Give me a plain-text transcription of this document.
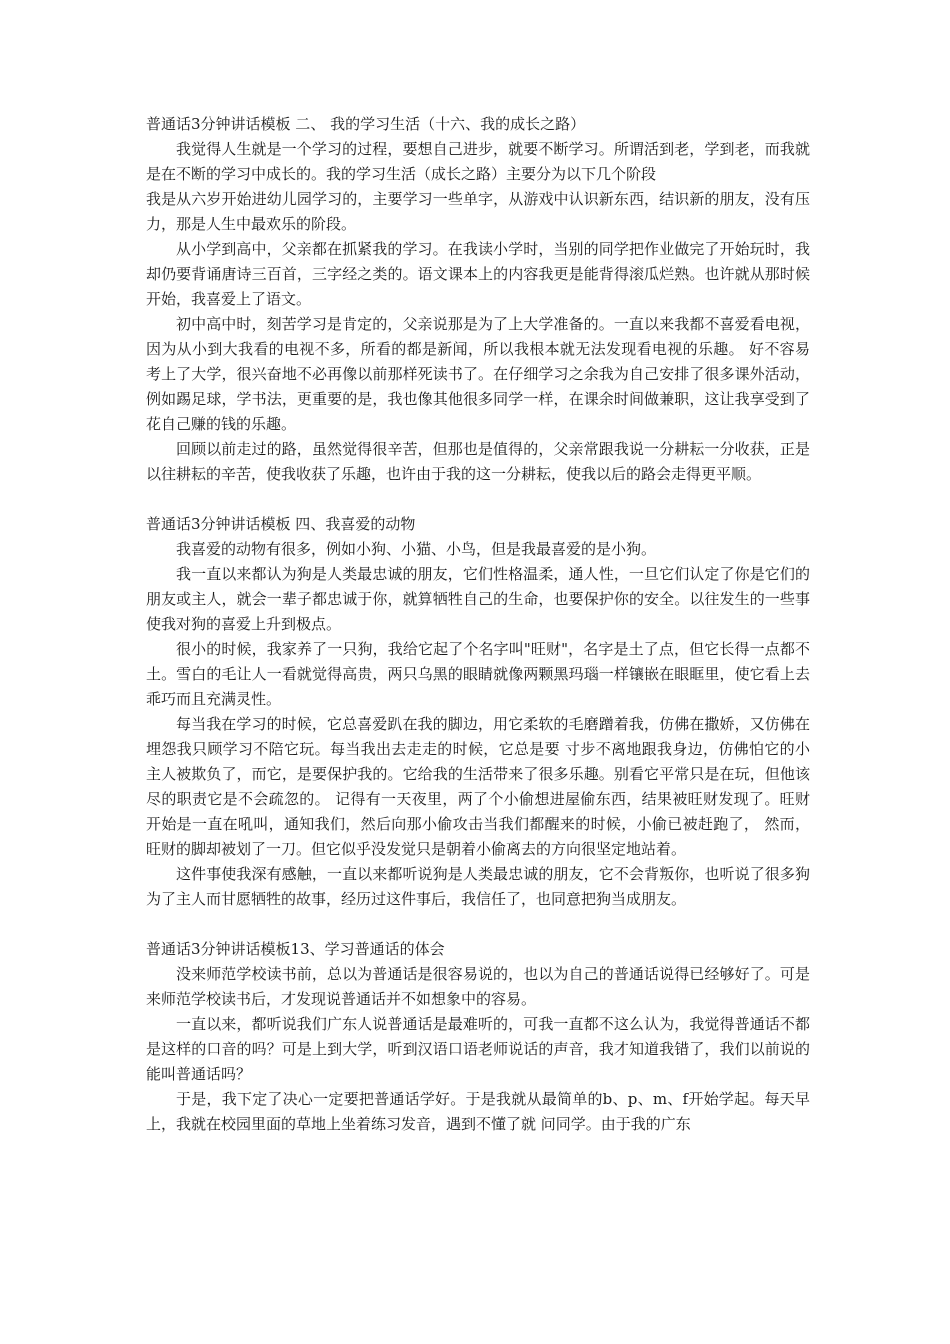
普通话3分钟讲话模板 二、 我的学习生活（十六、我的成长之路）

我觉得人生就是一个学习的过程，要想自己进步，就要不断学习。所谓活到老，学到老，而我就是在不断的学习中成长的。我的学习生活（成长之路）主要分为以下几个阶段

我是从六岁开始进幼儿园学习的，主要学习一些单字，从游戏中认识新东西，结识新的朋友，没有压力，那是人生中最欢乐的阶段。

从小学到高中，父亲都在抓紧我的学习。在我读小学时，当别的同学把作业做完了开始玩时，我却仍要背诵唐诗三百首，三字经之类的。语文课本上的内容我更是能背得滚瓜烂熟。也许就从那时候开始，我喜爱上了语文。

初中高中时，刻苦学习是肯定的，父亲说那是为了上大学准备的。一直以来我都不喜爱看电视，因为从小到大我看的电视不多，所看的都是新闻，所以我根本就无法发现看电视的乐趣。 好不容易考上了大学，很兴奋地不必再像以前那样死读书了。在仔细学习之余我为自己安排了很多课外活动，例如踢足球，学书法，更重要的是，我也像其他很多同学一样，在课余时间做兼职，这让我享受到了花自己赚的钱的乐趣。

回顾以前走过的路，虽然觉得很辛苦，但那也是值得的，父亲常跟我说一分耕耘一分收获，正是以往耕耘的辛苦，使我收获了乐趣，也许由于我的这一分耕耘，使我以后的路会走得更平顺。

普通话3分钟讲话模板 四、我喜爱的动物

我喜爱的动物有很多，例如小狗、小猫、小鸟，但是我最喜爱的是小狗。

我一直以来都认为狗是人类最忠诚的朋友，它们性格温柔，通人性，一旦它们认定了你是它们的朋友或主人，就会一辈子都忠诚于你，就算牺牲自己的生命，也要保护你的安全。以往发生的一些事使我对狗的喜爱上升到极点。

很小的时候，我家养了一只狗，我给它起了个名字叫"旺财"，名字是土了点，但它长得一点都不土。雪白的毛让人一看就觉得高贵，两只乌黑的眼睛就像两颗黑玛瑙一样镶嵌在眼眶里，使它看上去乖巧而且充满灵性。

每当我在学习的时候，它总喜爱趴在我的脚边，用它柔软的毛磨蹭着我，仿佛在撒娇，又仿佛在埋怨我只顾学习不陪它玩。每当我出去走走的时候，它总是要 寸步不离地跟我身边，仿佛怕它的小主人被欺负了，而它，是要保护我的。它给我的生活带来了很多乐趣。别看它平常只是在玩，但他该尽的职责它是不会疏忽的。 记得有一天夜里，两了个小偷想进屋偷东西，结果被旺财发现了。旺财开始是一直在吼叫，通知我们，然后向那小偷攻击当我们都醒来的时候，小偷已被赶跑了， 然而，旺财的脚却被划了一刀。但它似乎没发觉只是朝着小偷离去的方向很坚定地站着。

这件事使我深有感触，一直以来都听说狗是人类最忠诚的朋友，它不会背叛你，也听说了很多狗为了主人而甘愿牺牲的故事，经历过这件事后，我信任了，也同意把狗当成朋友。

普通话3分钟讲话模板13、学习普通话的体会

没来师范学校读书前，总以为普通话是很容易说的，也以为自己的普通话说得已经够好了。可是来师范学校读书后，才发现说普通话并不如想象中的容易。

一直以来，都听说我们广东人说普通话是最难听的，可我一直都不这么认为，我觉得普通话不都是这样的口音的吗？可是上到大学，听到汉语口语老师说话的声音，我才知道我错了，我们以前说的能叫普通话吗？

于是，我下定了决心一定要把普通话学好。于是我就从最简单的b、p、m、f开始学起。每天早上，我就在校园里面的草地上坐着练习发音，遇到不懂了就 问同学。由于我的广东
